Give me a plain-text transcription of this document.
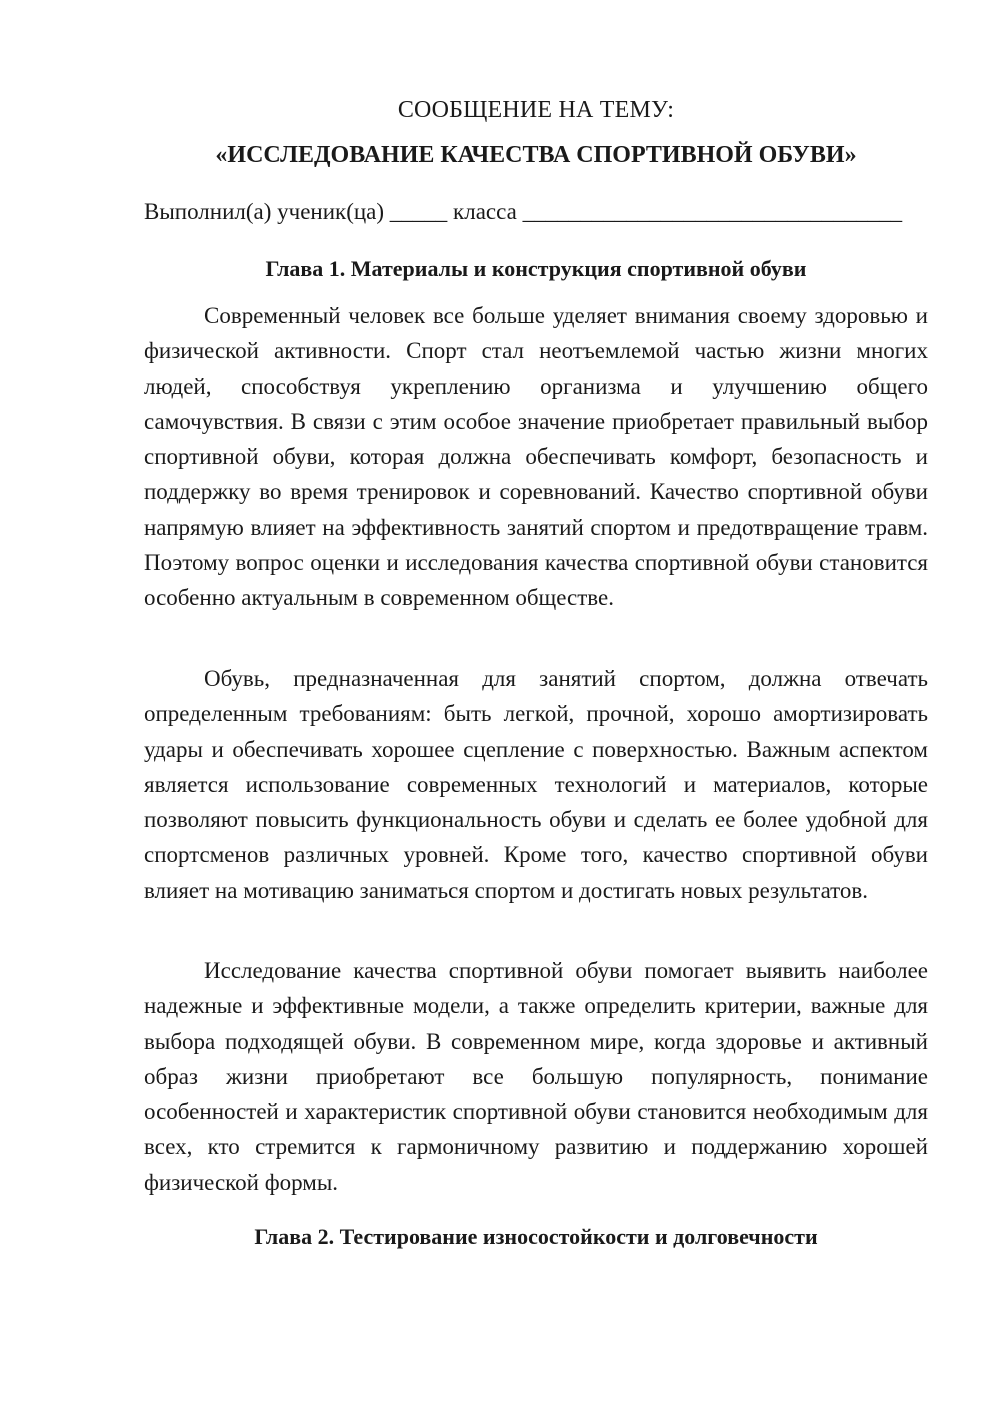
СООБЩЕНИЕ НА ТЕМУ:
«ИССЛЕДОВАНИЕ КАЧЕСТВА СПОРТИВНОЙ ОБУВИ»
Выполнил(а) ученик(ца) _____ класса _________________________________
Глава 1. Материалы и конструкция спортивной обуви

Современный человек все больше уделяет внимания своему здоровью и физической активности. Спорт стал неотъемлемой частью жизни многих людей, способствуя укреплению организма и улучшению общего самочувствия. В связи с этим особое значение приобретает правильный выбор спортивной обуви, которая должна обеспечивать комфорт, безопасность и поддержку во время тренировок и соревнований. Качество спортивной обуви напрямую влияет на эффективность занятий спортом и предотвращение травм. Поэтому вопрос оценки и исследования качества спортивной обуви становится особенно актуальным в современном обществе.

Обувь, предназначенная для занятий спортом, должна отвечать определенным требованиям: быть легкой, прочной, хорошо амортизировать удары и обеспечивать хорошее сцепление с поверхностью. Важным аспектом является использование современных технологий и материалов, которые позволяют повысить функциональность обуви и сделать ее более удобной для спортсменов различных уровней. Кроме того, качество спортивной обуви влияет на мотивацию заниматься спортом и достигать новых результатов.

Исследование качества спортивной обуви помогает выявить наиболее надежные и эффективные модели, а также определить критерии, важные для выбора подходящей обуви. В современном мире, когда здоровье и активный образ жизни приобретают все большую популярность, понимание особенностей и характеристик спортивной обуви становится необходимым для всех, кто стремится к гармоничному развитию и поддержанию хорошей физической формы.

Глава 2. Тестирование износостойкости и долговечности
